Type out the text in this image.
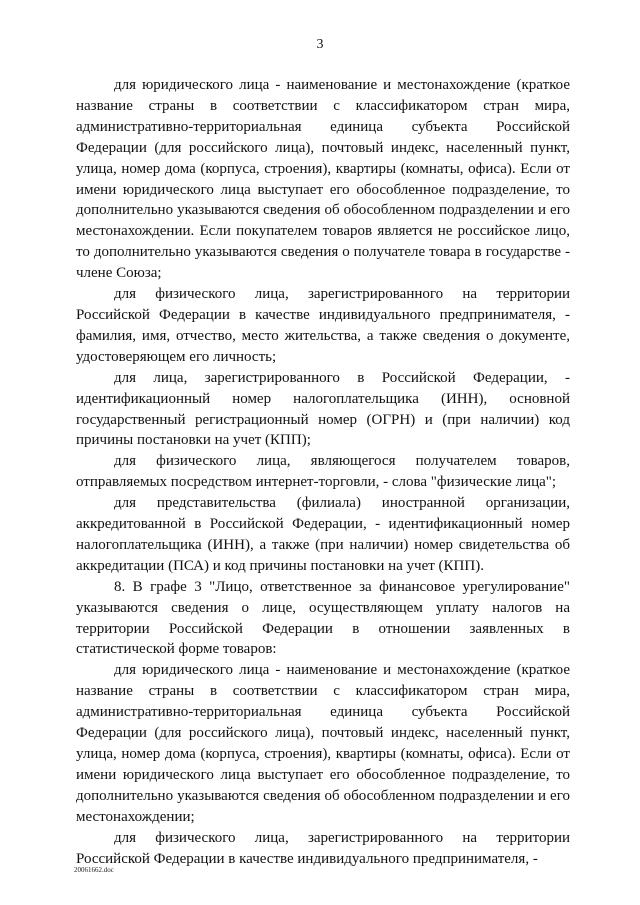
3

для юридического лица - наименование и местонахождение (краткое название страны в соответствии с классификатором стран мира, административно-территориальная единица субъекта Российской Федерации (для российского лица), почтовый индекс, населенный пункт, улица, номер дома (корпуса, строения), квартиры (комнаты, офиса). Если от имени юридического лица выступает его обособленное подразделение, то дополнительно указываются сведения об обособленном подразделении и его местонахождении. Если покупателем товаров является не российское лицо, то дополнительно указываются сведения о получателе товара в государстве - члене Союза;

для физического лица, зарегистрированного на территории Российской Федерации в качестве индивидуального предпринимателя, - фамилия, имя, отчество, место жительства, а также сведения о документе, удостоверяющем его личность;

для лица, зарегистрированного в Российской Федерации, - идентификационный номер налогоплательщика (ИНН), основной государственный регистрационный номер (ОГРН) и (при наличии) код причины постановки на учет (КПП);

для физического лица, являющегося получателем товаров, отправляемых посредством интернет-торговли, - слова "физические лица";

для представительства (филиала) иностранной организации, аккредитованной в Российской Федерации, - идентификационный номер налогоплательщика (ИНН), а также (при наличии) номер свидетельства об аккредитации (ПСА) и код причины постановки на учет (КПП).

8. В графе 3 "Лицо, ответственное за финансовое урегулирование" указываются сведения о лице, осуществляющем уплату налогов на территории Российской Федерации в отношении заявленных в статистической форме товаров:

для юридического лица - наименование и местонахождение (краткое название страны в соответствии с классификатором стран мира, административно-территориальная единица субъекта Российской Федерации (для российского лица), почтовый индекс, населенный пункт, улица, номер дома (корпуса, строения), квартиры (комнаты, офиса). Если от имени юридического лица выступает его обособленное подразделение, то дополнительно указываются сведения об обособленном подразделении и его местонахождении;

для физического лица, зарегистрированного на территории Российской Федерации в качестве индивидуального предпринимателя, -

20061662.doc
